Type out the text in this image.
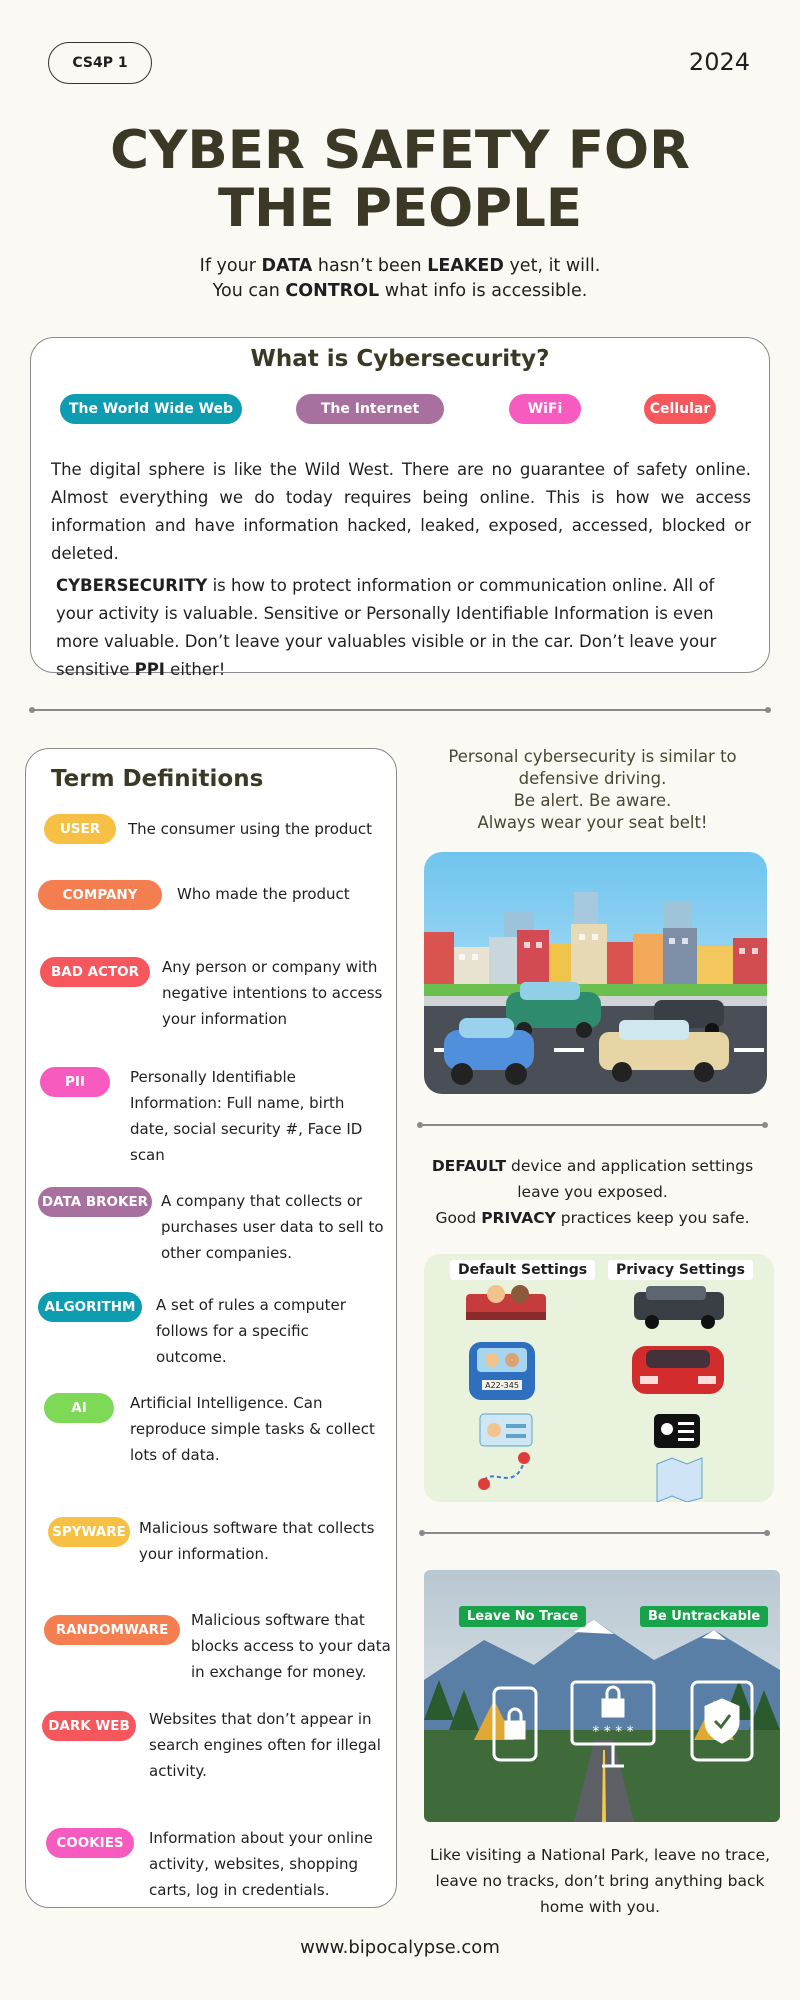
CS4P 1	2024
CYBER SAFETY FOR
THE PEOPLE
If your DATA hasn’t been LEAKED yet, it will.
You can CONTROL what info is accessible.
What is Cybersecurity?
The World Wide Web	The Internet	WiFi	Cellular
The digital sphere is like the Wild West. There are no guarantee of safety online. Almost everything we do today requires being online. This is how we access information and have information hacked, leaked, exposed, accessed, blocked or deleted.
CYBERSECURITY is how to protect information or communication online. All of your activity is valuable. Sensitive or Personally Identifiable Information is even more valuable. Don’t leave your valuables visible or in the car. Don’t leave your sensitive PPI either!
Term Definitions
USER	The consumer using the product
COMPANY	Who made the product
BAD ACTOR	Any person or company with negative intentions to access your information
PII	Personally Identifiable Information: Full name, birth date, social security #, Face ID scan
DATA BROKER A company that collects or purchases user data to sell to other companies.
ALGORITHM	A set of rules a computer follows for a specific outcome.
AI	Artificial Intelligence. Can reproduce simple tasks & collect lots of data.
SPYWARE Malicious software that collects your information.
RANDOMWARE
Malicious software that blocks access to your data in exchange for money.
DARK WEB	Websites that don’t appear in search engines often for illegal activity.
COOKIES	Information about your online activity, websites, shopping carts, log in credentials.
Personal cybersecurity is similar to
defensive driving.
Be alert. Be aware.
Always wear your seat belt!
DEFAULT device and application settings
leave you exposed.
Good PRIVACY practices keep you safe.
Default Settings	Privacy Settings
A22-345
* * * *
Leave No Trace	Be Untrackable
Like visiting a National Park, leave no trace,
leave no tracks, don’t bring anything back
home with you.
www.bipocalypse.com
